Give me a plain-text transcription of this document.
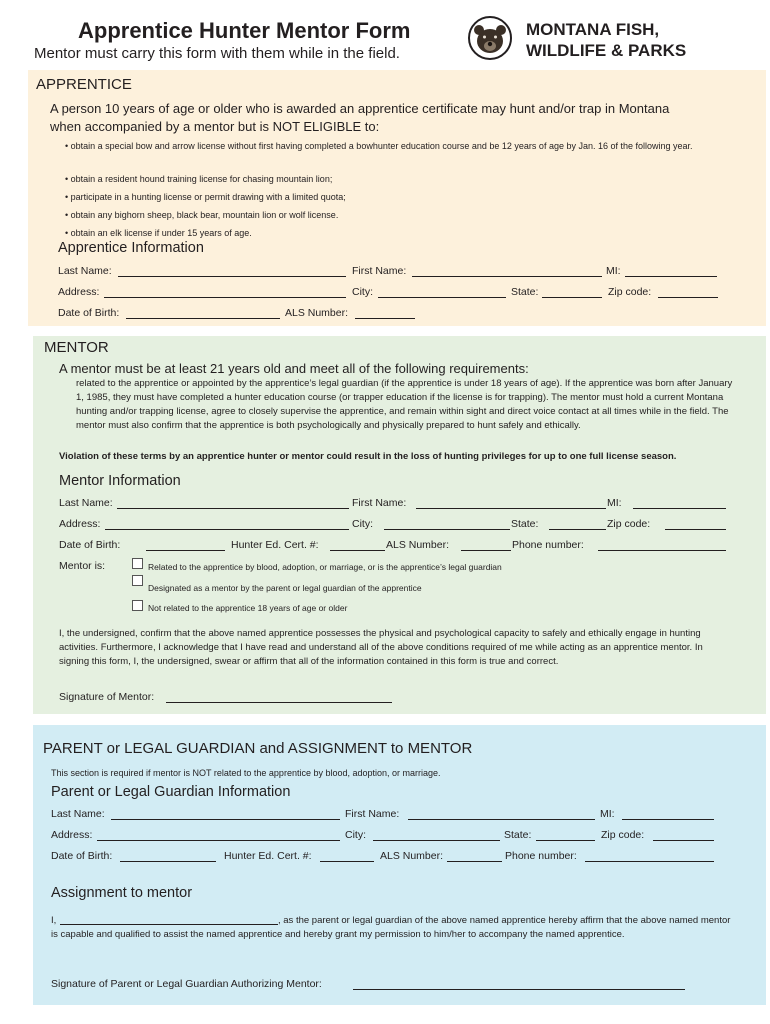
Apprentice Hunter Mentor Form
Mentor must carry this form with them while in the field.
MONTANA FISH,
WILDLIFE & PARKS
APPRENTICE
A person 10 years of age or older who is awarded an apprentice certificate may hunt and/or trap in Montana when accompanied by a mentor but is NOT ELIGIBLE to:
• obtain a special bow and arrow license without first having completed a bowhunter education course and be 12 years of age by Jan. 16 of the following year.
• obtain a resident hound training license for chasing mountain lion;
• participate in a hunting license or permit drawing with a limited quota;
• obtain any bighorn sheep, black bear, mountain lion or wolf license.
• obtain an elk license if under 15 years of age.
Apprentice Information
Last Name:	First Name:	MI:
Address:	City:	State:	Zip code:
Date of Birth:	ALS Number:
MENTOR
A mentor must be at least 21 years old and meet all of the following requirements:
related to the apprentice or appointed by the apprentice’s legal guardian (if the apprentice is under 18 years of age). If the apprentice was born after January 1, 1985, they must have completed a hunter education course (or trapper education if the license is for trapping). The mentor must hold a current Montana hunting and/or trapping license, agree to closely supervise the apprentice, and remain within sight and direct voice contact at all times while in the field. The mentor must also confirm that the apprentice is both psychologically and physically prepared to hunt safely and ethically.
Violation of these terms by an apprentice hunter or mentor could result in the loss of hunting privileges for up to one full license season.
Mentor Information
Last Name:	First Name:	MI:
Address:	City:	State:	Zip code:
Date of Birth:	Hunter Ed. Cert. #:	ALS Number:	Phone number:
Mentor is:	Related to the apprentice by blood, adoption, or marriage, or is the apprentice’s legal guardian
Designated as a mentor by the parent or legal guardian of the apprentice
Not related to the apprentice 18 years of age or older
I, the undersigned, confirm that the above named apprentice possesses the physical and psychological capacity to safely and ethically engage in hunting activities. Furthermore, I acknowledge that I have read and understand all of the above conditions required of me while acting as an apprentice mentor. In signing this form, I, the undersigned, swear or affirm that all of the information contained in this form is true and correct.
Signature of Mentor:
PARENT or LEGAL GUARDIAN and ASSIGNMENT to MENTOR
This section is required if mentor is NOT related to the apprentice by blood, adoption, or marriage.
Parent or Legal Guardian Information
Last Name:	First Name:	MI:
Address:	City:	State:	Zip code:
Date of Birth:	Hunter Ed. Cert. #:	ALS Number:	Phone number:
Assignment to mentor
I,	, as the parent or legal guardian of the above named apprentice hereby affirm that the above named mentor is capable and qualified to assist the named apprentice and hereby grant my permission to him/her to accompany the named apprentice.
Signature of Parent or Legal Guardian Authorizing Mentor:
